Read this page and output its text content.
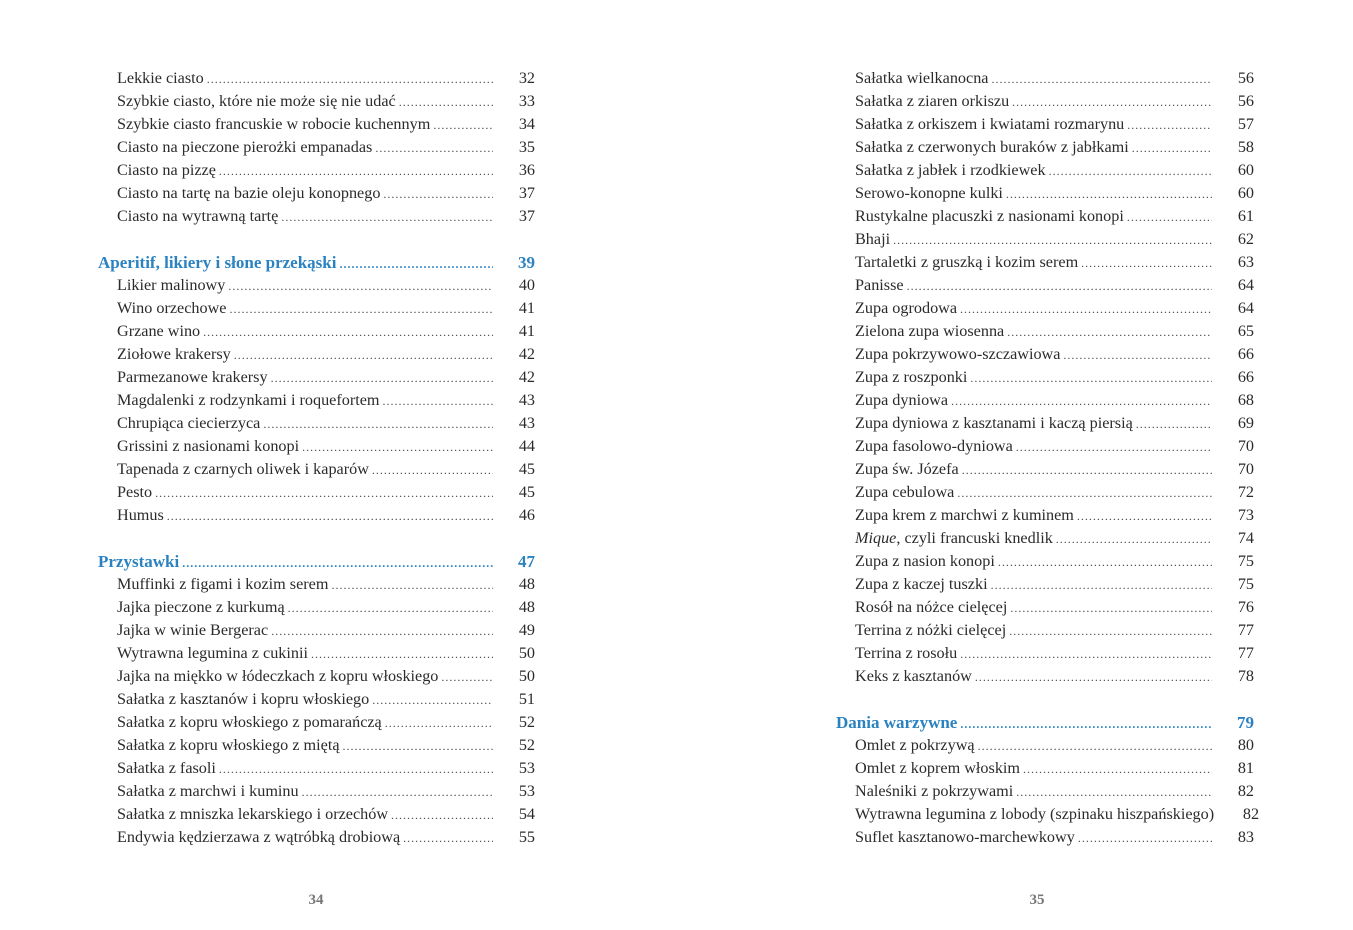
Lekkie ciasto .....	32
Szybkie ciasto, które nie może się nie udać .....	33
Szybkie ciasto francuskie w robocie kuchennym .....	34
Ciasto na pieczone pierożki empanadas .....	35
Ciasto na pizzę .....	36
Ciasto na tartę na bazie oleju konopnego .....	37
Ciasto na wytrawną tartę .....	37
Aperitif, likiery i słone przekąski .....	39
Likier malinowy .....	40
Wino orzechowe .....	41
Grzane wino .....	41
Ziołowe krakersy .....	42
Parmezanowe krakersy .....	42
Magdalenki z rodzynkami i roquefortem .....	43
Chrupiąca ciecierzyca .....	43
Grissini z nasionami konopi .....	44
Tapenada z czarnych oliwek i kaparów .....	45
Pesto .....	45
Humus .....	46
Przystawki .....	47
Muffinki z figami i kozim serem .....	48
Jajka pieczone z kurkumą .....	48
Jajka w winie Bergerac .....	49
Wytrawna legumina z cukinii .....	50
Jajka na miękko w łódeczkach z kopru włoskiego .....	50
Sałatka z kasztanów i kopru włoskiego .....	51
Sałatka z kopru włoskiego z pomarańczą .....	52
Sałatka z kopru włoskiego z miętą .....	52
Sałatka z fasoli .....	53
Sałatka z marchwi i kuminu .....	53
Sałatka z mniszka lekarskiego i orzechów .....	54
Endywia kędzierzawa z wątróbką drobiową .....	55
34
Sałatka wielkanocna .....	56
Sałatka z ziaren orkiszu .....	56
Sałatka z orkiszem i kwiatami rozmarynu .....	57
Sałatka z czerwonych buraków z jabłkami .....	58
Sałatka z jabłek i rzodkiewek .....	60
Serowo-konopne kulki .....	60
Rustykalne placuszki z nasionami konopi .....	61
Bhaji .....	62
Tartaletki z gruszką i kozim serem .....	63
Panisse .....	64
Zupa ogrodowa .....	64
Zielona zupa wiosenna .....	65
Zupa pokrzywowo-szczawiowa .....	66
Zupa z roszponki .....	66
Zupa dyniowa .....	68
Zupa dyniowa z kasztanami i kaczą piersią .....	69
Zupa fasolowo-dyniowa .....	70
Zupa św. Józefa .....	70
Zupa cebulowa .....	72
Zupa krem z marchwi z kuminem .....	73
Mique, czyli francuski knedlik .....	74
Zupa z nasion konopi .....	75
Zupa z kaczej tuszki .....	75
Rosół na nóżce cielęcej .....	76
Terrina z nóżki cielęcej .....	77
Terrina z rosołu .....	77
Keks z kasztanów .....	78
Dania warzywne .....	79
Omlet z pokrzywą .....	80
Omlet z koprem włoskim .....	81
Naleśniki z pokrzywami .....	82
Wytrawna legumina z lobody (szpinaku hiszpańskiego)	82
Suflet kasztanowo-marchewkowy .....	83
35
